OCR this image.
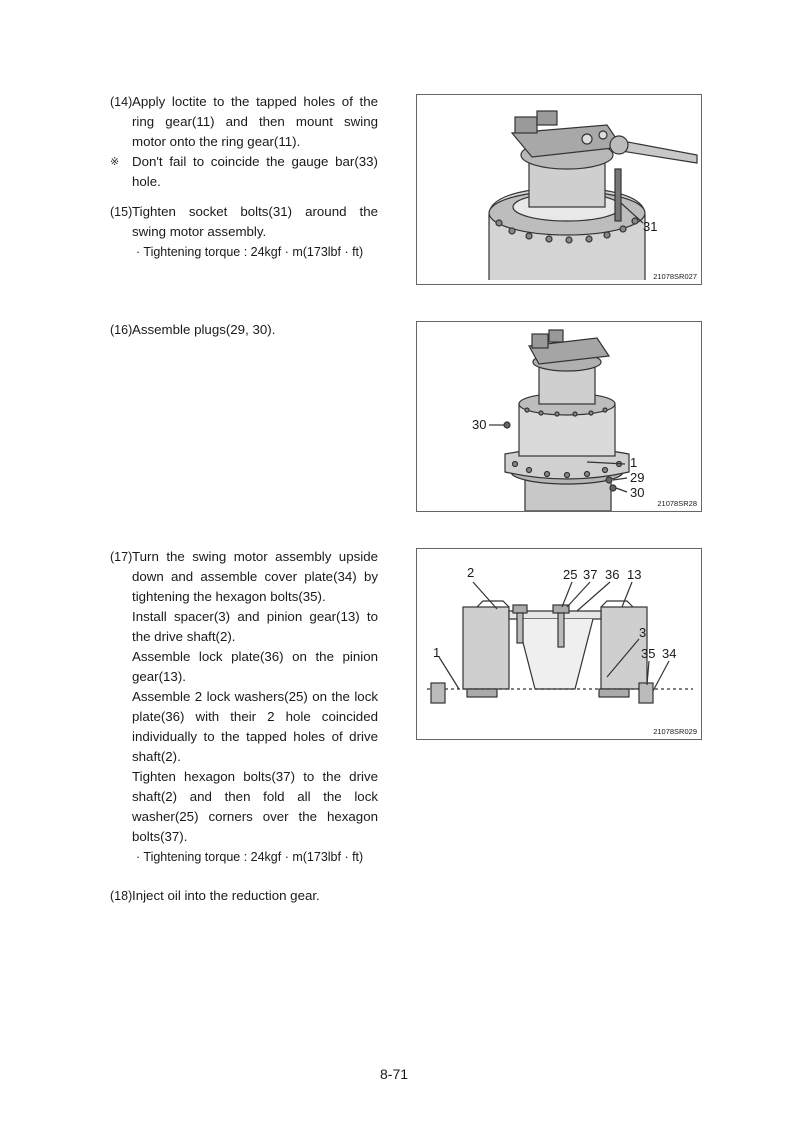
(14) Apply loctite to the tapped holes of the ring gear(11) and then mount swing motor onto the ring gear(11).
※ Don't fail to coincide the gauge bar(33) hole.
(15) Tighten socket bolts(31) around the swing motor assembly.
· Tightening torque : 24kgf · m(173lbf · ft)
(16) Assemble plugs(29, 30).
(17) Turn the swing motor assembly upside down and assemble cover plate(34) by tightening the hexagon bolts(35).
Install spacer(3) and pinion gear(13) to the drive shaft(2).
Assemble lock plate(36) on the pinion gear(13).
Assemble 2 lock washers(25) on the lock plate(36) with their 2 hole coincided individually to the tapped holes of drive shaft(2).
Tighten hexagon bolts(37) to the drive shaft(2) and then fold all the lock washer(25) corners over the hexagon bolts(37).
· Tightening torque : 24kgf · m(173lbf · ft)
(18) Inject oil into the reduction gear.
31
21078SR027
30
1
29
30
21078SR28
2	25 37 36 13
3
1	35 34
21078SR029
8-71
